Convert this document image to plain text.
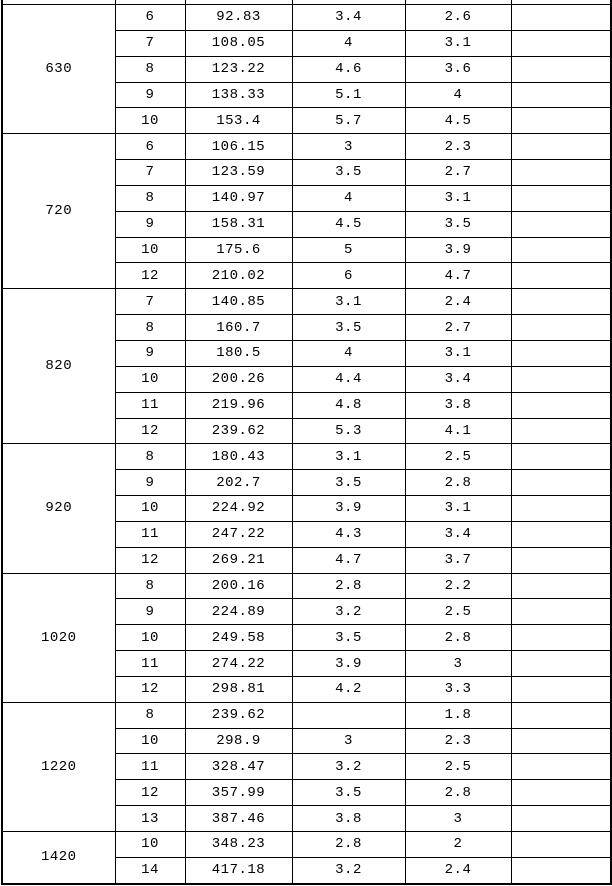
630	6	92.83	3.4	2.6	
	7	108.05	4	3.1	
	8	123.22	4.6	3.6	
	9	138.33	5.1	4	
	10	153.4	5.7	4.5	
720	6	106.15	3	2.3	
	7	123.59	3.5	2.7	
	8	140.97	4	3.1	
	9	158.31	4.5	3.5	
	10	175.6	5	3.9	
	12	210.02	6	4.7	
820	7	140.85	3.1	2.4	
	8	160.7	3.5	2.7	
	9	180.5	4	3.1	
	10	200.26	4.4	3.4	
	11	219.96	4.8	3.8	
	12	239.62	5.3	4.1	
920	8	180.43	3.1	2.5	
	9	202.7	3.5	2.8	
	10	224.92	3.9	3.1	
	11	247.22	4.3	3.4	
	12	269.21	4.7	3.7	
1020	8	200.16	2.8	2.2	
	9	224.89	3.2	2.5	
	10	249.58	3.5	2.8	
	11	274.22	3.9	3	
	12	298.81	4.2	3.3	
1220	8	239.62		1.8	
	10	298.9	3	2.3	
	11	328.47	3.2	2.5	
	12	357.99	3.5	2.8	
	13	387.46	3.8	3	
1420	10	348.23	2.8	2	
	14	417.18	3.2	2.4	
